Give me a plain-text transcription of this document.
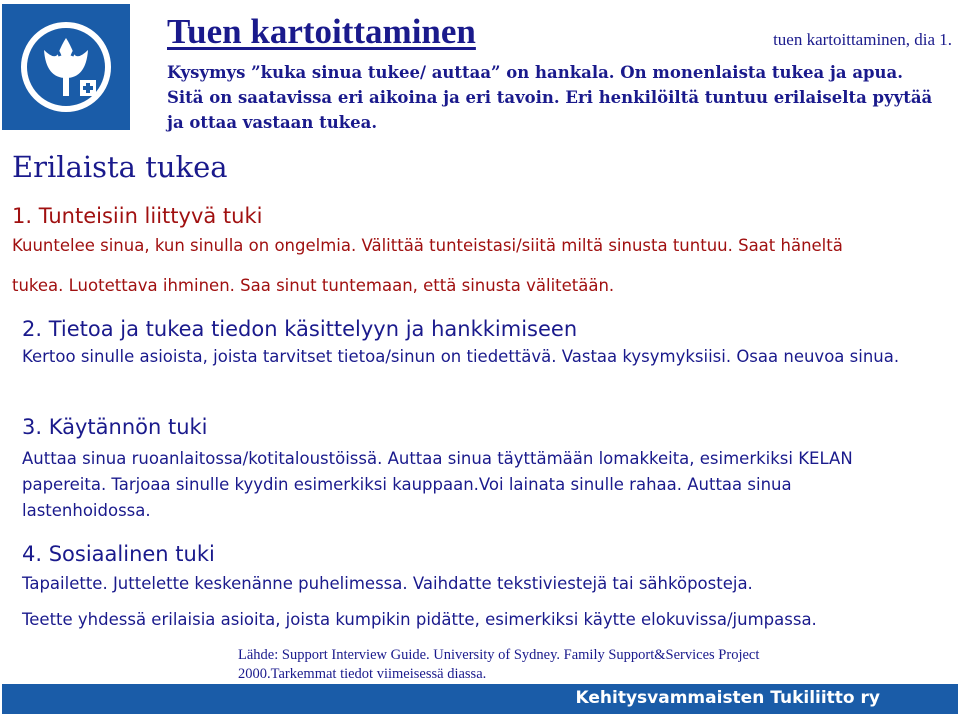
Tuen kartoittaminen	tuen kartoittaminen, dia 1.
Kysymys ”kuka sinua tukee/ auttaa” on hankala. On monenlaista tukea ja apua.
Sitä on saatavissa eri aikoina ja eri tavoin. Eri henkilöiltä tuntuu erilaiselta pyytää
ja ottaa vastaan tukea.
Erilaista tukea
1. Tunteisiin liittyvä tuki
Kuuntelee sinua, kun sinulla on ongelmia. Välittää tunteistasi/siitä miltä sinusta tuntuu. Saat häneltä
tukea. Luotettava ihminen. Saa sinut tuntemaan, että sinusta välitetään.
2. Tietoa ja tukea tiedon käsittelyyn ja hankkimiseen
Kertoo sinulle asioista, joista tarvitset tietoa/sinun on tiedettävä. Vastaa kysymyksiisi. Osaa neuvoa sinua.
3. Käytännön tuki
Auttaa sinua ruoanlaitossa/kotitaloustöissä. Auttaa sinua täyttämään lomakkeita, esimerkiksi KELAN
papereita. Tarjoaa sinulle kyydin esimerkiksi kauppaan.Voi lainata sinulle rahaa. Auttaa sinua
lastenhoidossa.
4. Sosiaalinen tuki
Tapailette. Juttelette keskenänne puhelimessa. Vaihdatte tekstiviestejä tai sähköposteja.
Teette yhdessä erilaisia asioita, joista kumpikin pidätte, esimerkiksi käytte elokuvissa/jumpassa.
Lähde: Support Interview Guide. University of Sydney. Family Support&Services Project
2000.Tarkemmat tiedot viimeisessä diassa.
Kehitysvammaisten Tukiliitto ry
